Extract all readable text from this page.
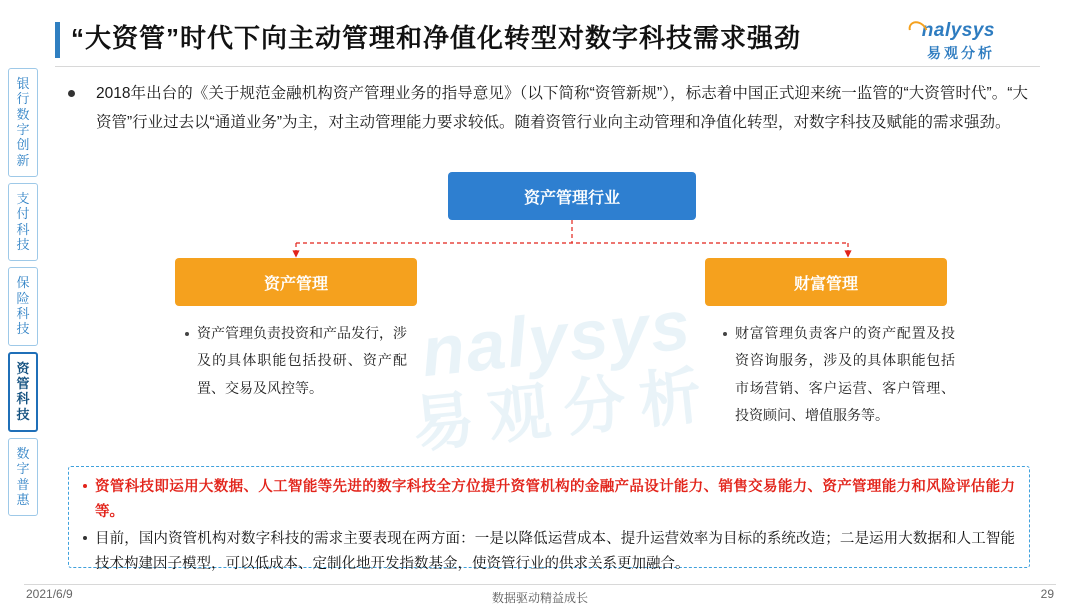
nalysys
易观分析
银行数字创新
支付科技
保险科技
资管科技
数字普惠
“大资管”时代下向主动管理和净值化转型对数字科技需求强劲	nalysys
易观分析
2018年出台的《关于规范金融机构资产管理业务的指导意见》（以下简称“资管新规”），标志着中国正式迎来统一监管的“大资管时代”。“大资管”行业过去以“通道业务”为主，对主动管理能力要求较低。随着资管行业向主动管理和净值化转型，对数字科技及赋能的需求强劲。
资产管理行业
资产管理	财富管理
资产管理负责投资和产品发行，涉及的具体职能包括投研、资产配置、交易及风控等。
财富管理负责客户的资产配置及投资咨询服务，涉及的具体职能包括市场营销、客户运营、客户管理、投资顾问、增值服务等。
资管科技即运用大数据、人工智能等先进的数字科技全方位提升资管机构的金融产品设计能力、销售交易能力、资产管理能力和风险评估能力等。
目前，国内资管机构对数字科技的需求主要表现在两方面：一是以降低运营成本、提升运营效率为目标的系统改造；二是运用大数据和人工智能技术构建因子模型，可以低成本、定制化地开发指数基金，使资管行业的供求关系更加融合。
2021/6/9	数据驱动精益成长	29
